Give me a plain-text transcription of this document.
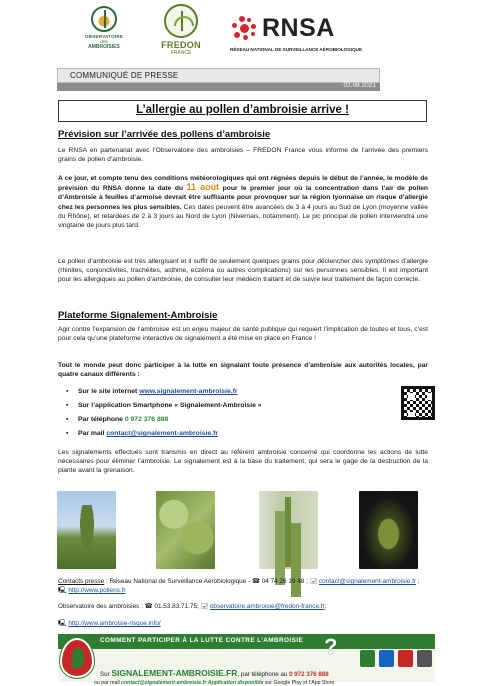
OBSERVATOIRE
des
AMBROISIES	FREDON
FRANCE
RNSA
RÉSEAU NATIONAL DE SURVEILLANCE AÉROBIOLOGIQUE
COMMUNIQUÉ DE PRESSE
02.08.2021
L’allergie au pollen d’ambroisie arrive !
Prévision sur l’arrivée des pollens d’ambroisie
Le RNSA en partenariat avec l’Observatoire des ambroisies – FREDON France vous informe de l’arrivée des premiers grains de pollen d’ambroisie.
A ce jour, et compte tenu des conditions météorologiques qui ont régnées depuis le début de l’année, le modèle de prévision du RNSA donne la date du 11 août pour le premier jour où la concentration dans l’air de pollen d’Ambroisie à feuilles d’armoise devrait être suffisante pour provoquer sur la région lyonnaise un risque d’allergie chez les personnes les plus sensibles. Ces dates peuvent être avancées de 3 à 4 jours au Sud de Lyon (moyenne vallée du Rhône), et retardées de 2 à 3 jours au Nord de Lyon (Nivernais, notamment). Le pic principal de pollen interviendra une vingtaine de jours plus tard.
Le pollen d’ambroisie est très allergisant et il suffit de seulement quelques grains pour déclencher des symptômes d’allergie (rhinites, conjonctivites, trachéites, asthme, eczéma ou autres complications) sur les personnes sensibles. Il est important pour les allergiques au pollen d’ambroisie, de consulter leur médecin traitant et de suivre leur traitement de façon correcte.
Plateforme Signalement-Ambroisie
Agir contre l’expansion de l’ambroisie est un enjeu majeur de santé publique qui requiert l’implication de toutes et tous, c’est pour cela qu’une plateforme interactive de signalement a été mise en place en France !
Tout le monde peut donc participer à la lutte en signalant toute présence d’ambroisie aux autorités locales, par quatre canaux différents :
▪ Sur le site internet www.signalement-ambroisie.fr
▪ Sur l’application Smartphone « Signalement-Ambroisie »
▪ Par téléphone 0 972 376 888
▪ Par mail contact@signalement-ambroisie.fr
Les signalements effectués sont transmis en direct au référent ambroisie concerné qui coordonne les actions de lutte nécessaires pour éliminer l’ambroisie. Le signalement est à la base du traitement, qui sera le gage de la destruction de la plante avant la grenaison.
Contacts presse : Réseau National de Surveillance Aérobiologique - ☎ 04 74 26 19 48 ; 🖃 contact@signalement-ambroisie.fr ; 🖳 http://www.pollens.fr
Observatoire des ambroisies : ☎ 01.53.83.71.75; 🖃 observatoire.ambroisie@fredon-france.fr;
🖳 http://www.ambroisie-risque.info/
COMMENT PARTICIPER À LA LUTTE CONTRE L’AMBROISIE
Sur SIGNALEMENT-AMBROISIE.FR, par téléphone au 0 972 376 888
ou par mail contact@signalement-ambroisie.fr Application disponible sur Google Play et l’App Store
?
